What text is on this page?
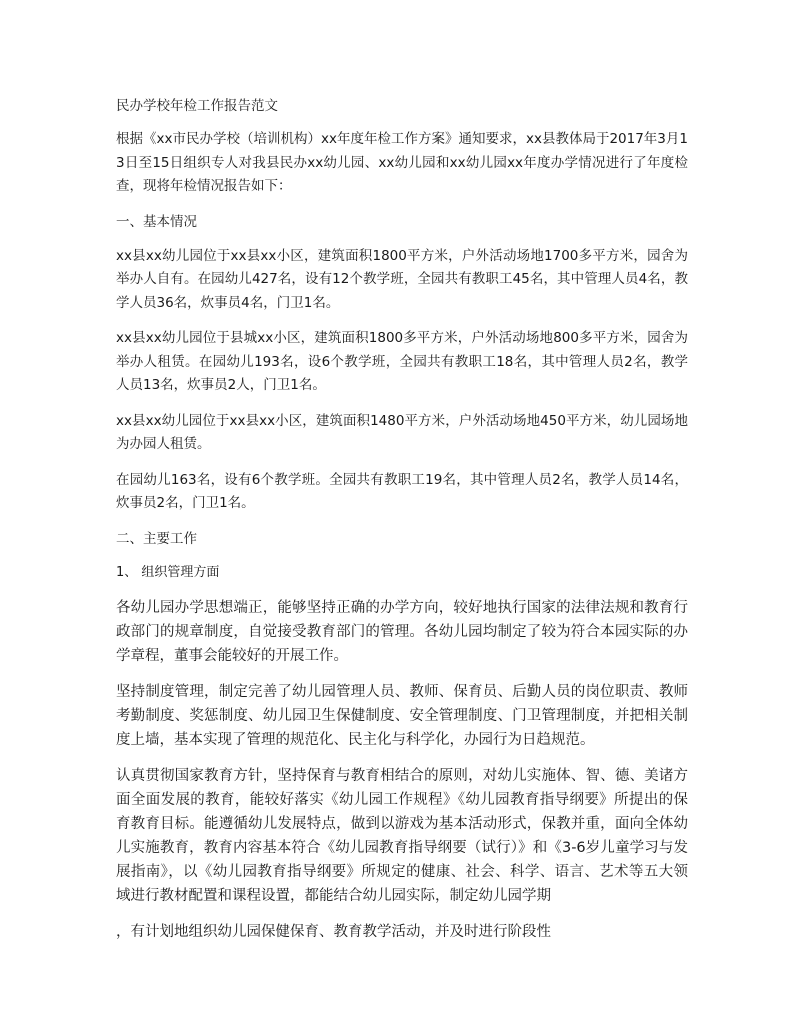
民办学校年检工作报告范文
根据《xx市民办学校（培训机构）xx年度年检工作方案》通知要求，xx县教体局于2017年3月13日至15日组织专人对我县民办xx幼儿园、xx幼儿园和xx幼儿园xx年度办学情况进行了年度检查，现将年检情况报告如下：
一、基本情况
xx县xx幼儿园位于xx县xx小区，建筑面积1800平方米，户外活动场地1700多平方米，园舍为举办人自有。在园幼儿427名，设有12个教学班，全园共有教职工45名，其中管理人员4名，教学人员36名，炊事员4名，门卫1名。
xx县xx幼儿园位于县城xx小区，建筑面积1800多平方米，户外活动场地800多平方米，园舍为举办人租赁。在园幼儿193名，设6个教学班，全园共有教职工18名，其中管理人员2名，教学人员13名，炊事员2人，门卫1名。
xx县xx幼儿园位于xx县xx小区，建筑面积1480平方米，户外活动场地450平方米，幼儿园场地为办园人租赁。
在园幼儿163名，设有6个教学班。全园共有教职工19名，其中管理人员2名，教学人员14名，炊事员2名，门卫1名。
二、主要工作
1、 组织管理方面
各幼儿园办学思想端正，能够坚持正确的办学方向，较好地执行国家的法律法规和教育行政部门的规章制度，自觉接受教育部门的管理。各幼儿园均制定了较为符合本园实际的办学章程，董事会能较好的开展工作。
坚持制度管理，制定完善了幼儿园管理人员、教师、保育员、后勤人员的岗位职责、教师考勤制度、奖惩制度、幼儿园卫生保健制度、安全管理制度、门卫管理制度，并把相关制度上墙，基本实现了管理的规范化、民主化与科学化，办园行为日趋规范。
认真贯彻国家教育方针，坚持保育与教育相结合的原则，对幼儿实施体、智、德、美诸方面全面发展的教育，能较好落实《幼儿园工作规程》《幼儿园教育指导纲要》所提出的保育教育目标。能遵循幼儿发展特点，做到以游戏为基本活动形式，保教并重，面向全体幼儿实施教育，教育内容基本符合《幼儿园教育指导纲要（试行）》和《3-6岁儿童学习与发展指南》，以《幼儿园教育指导纲要》所规定的健康、社会、科学、语言、艺术等五大领域进行教材配置和课程设置，都能结合幼儿园实际，制定幼儿园学期
，有计划地组织幼儿园保健保育、教育教学活动，并及时进行阶段性
